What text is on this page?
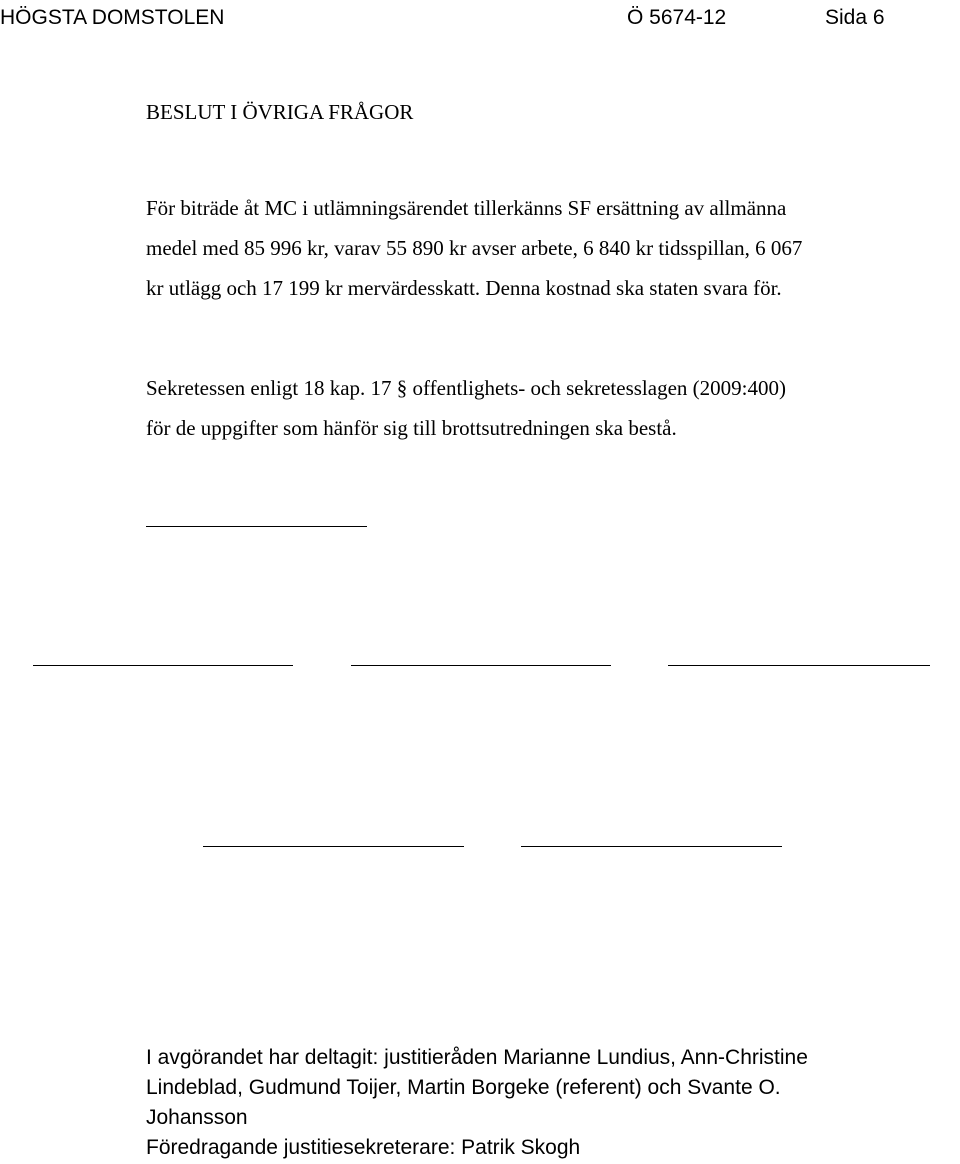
HÖGSTA DOMSTOLEN	Ö 5674-12	Sida 6
BESLUT I ÖVRIGA FRÅGOR
För biträde åt MC i utlämningsärendet tillerkänns SF ersättning av allmänna
medel med 85 996 kr, varav 55 890 kr avser arbete, 6 840 kr tidsspillan, 6 067
kr utlägg och 17 199 kr mervärdesskatt. Denna kostnad ska staten svara för.
Sekretessen enligt 18 kap. 17 § offentlighets- och sekretesslagen (2009:400)
för de uppgifter som hänför sig till brottsutredningen ska bestå.
I avgörandet har deltagit: justitieråden Marianne Lundius, Ann-Christine
Lindeblad, Gudmund Toijer, Martin Borgeke (referent) och Svante O.
Johansson
Föredragande justitiesekreterare: Patrik Skogh
